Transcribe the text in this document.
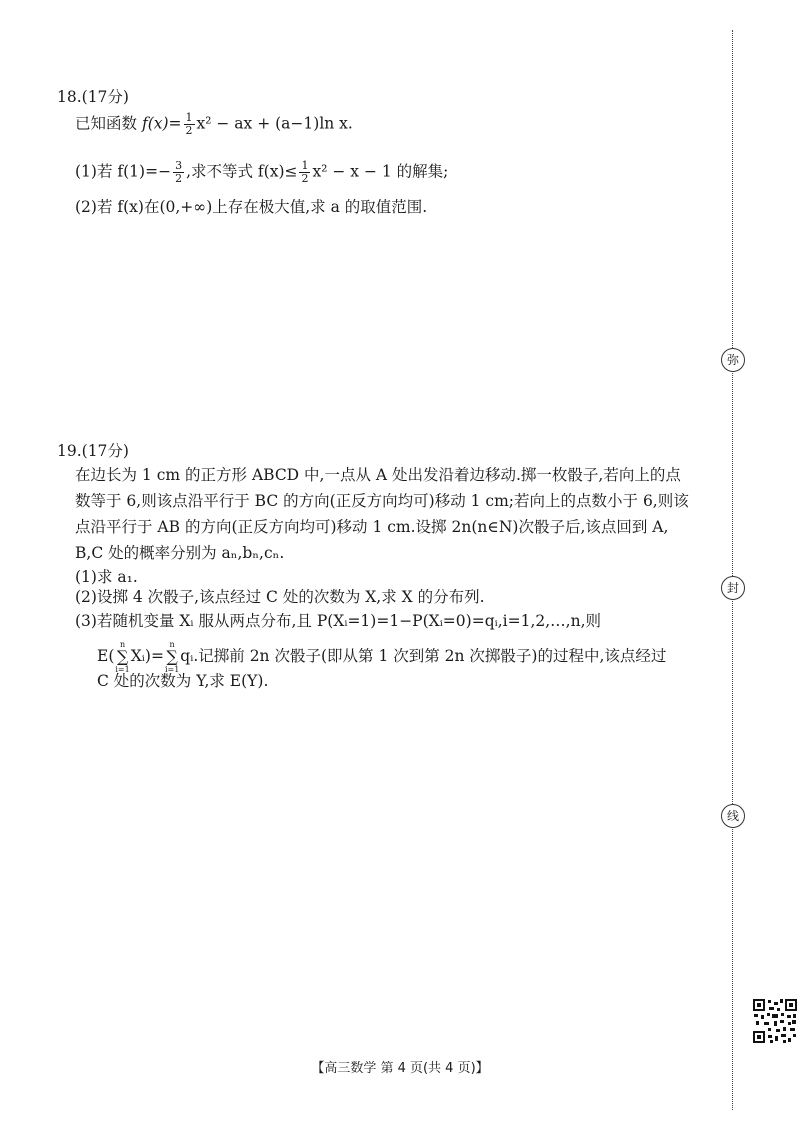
18.(17分)
已知函数 $f(x)= \frac{1}{2} x^2$ − ax + (a−1)ln x.
(1)若 $f(1)=- \frac{3}{2}$ ,求不等式 $f(x)\le \frac{1}{2} x^2 - x - 1$ 的解集;
(2)若 f(x)在(0,+∞)上存在极大值,求 a 的取值范围.
19.(17分)
在边长为 1 cm 的正方形 ABCD 中,一点从 A 处出发沿着边移动.掷一枚骰子,若向上的点
数等于 6,则该点沿平行于 BC 的方向(正反方向均可)移动 1 cm;若向上的点数小于 6,则该
点沿平行于 AB 的方向(正反方向均可)移动 1 cm.设掷 2n(n∈N)次骰子后,该点回到 A,
B,C 处的概率分别为 aₙ,bₙ,cₙ.
(1)求 a₁.
(2)设掷 4 次骰子,该点经过 C 处的次数为 X,求 X 的分布列.
(3)若随机变量 Xᵢ 服从两点分布,且 P(Xᵢ=1)=1−P(Xᵢ=0)=qᵢ,i=1,2,…,n,则
E(
n
∑
i=1
Xᵢ)=
n
∑
i=1
qᵢ.记掷前 2n 次骰子(即从第 1 次到第 2n 次掷骰子)的过程中,该点经过
C 处的次数为 Y,求 E(Y).
弥
封
线
【高三数学 第 4 页(共 4 页)】
